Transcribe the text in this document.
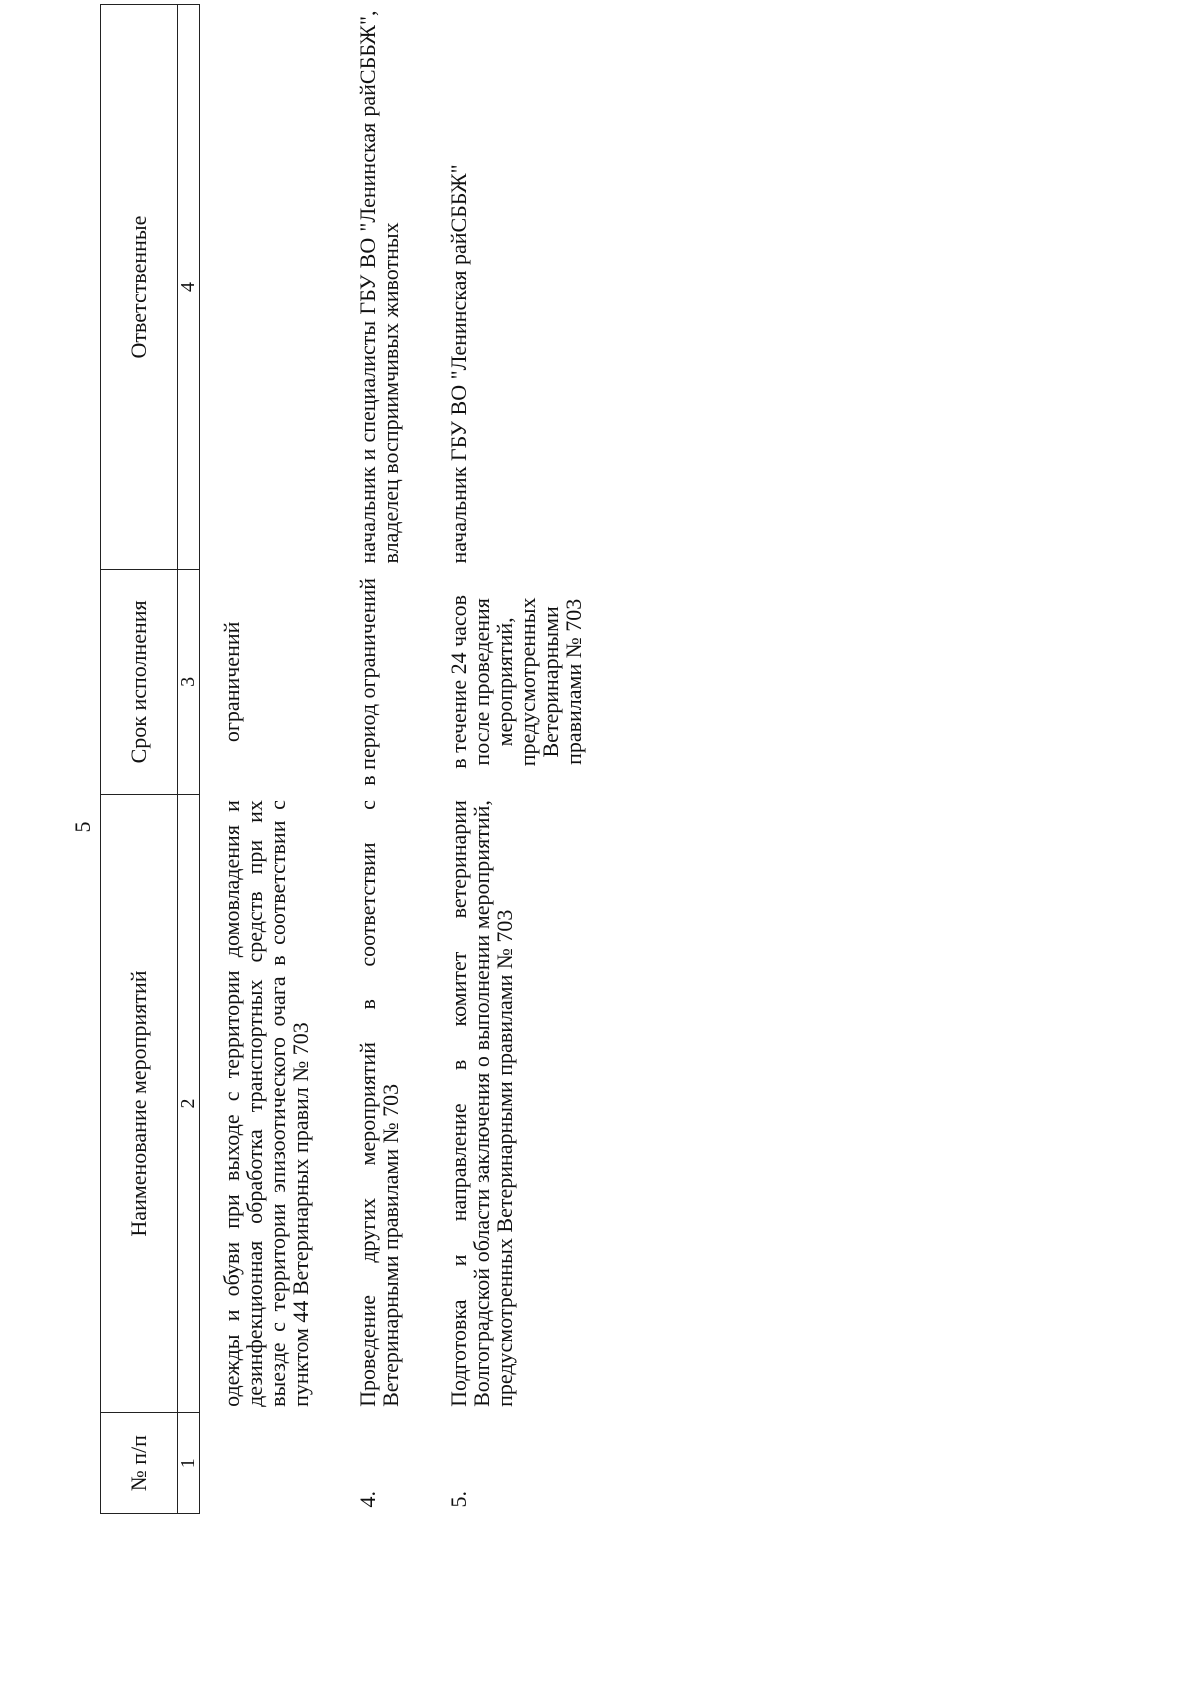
5
№ п/п	Наименование мероприятий	Срок исполнения	Ответственные
1	2	3	4
	одежды и обуви при выходе с территории домовладения и дезинфекционная обработка транспортных средств при их выезде с территории эпизоотического очага в соответствии с пунктом 44 Ветеринарных правил № 703	ограничений	
4.	Проведение других мероприятий в соответствии с Ветеринарными правилами № 703	в период ограничений	начальник и специалисты ГБУ ВО "Ленинская райСББЖ", владелец восприимчивых животных
5.	Подготовка и направление в комитет ветеринарии Волгоградской области заключения о выполнении мероприятий, предусмотренных Ветеринарными правилами № 703	в течение 24 часов после проведения мероприятий, предусмотренных Ветеринарными правилами № 703	начальник ГБУ ВО "Ленинская райСББЖ"
